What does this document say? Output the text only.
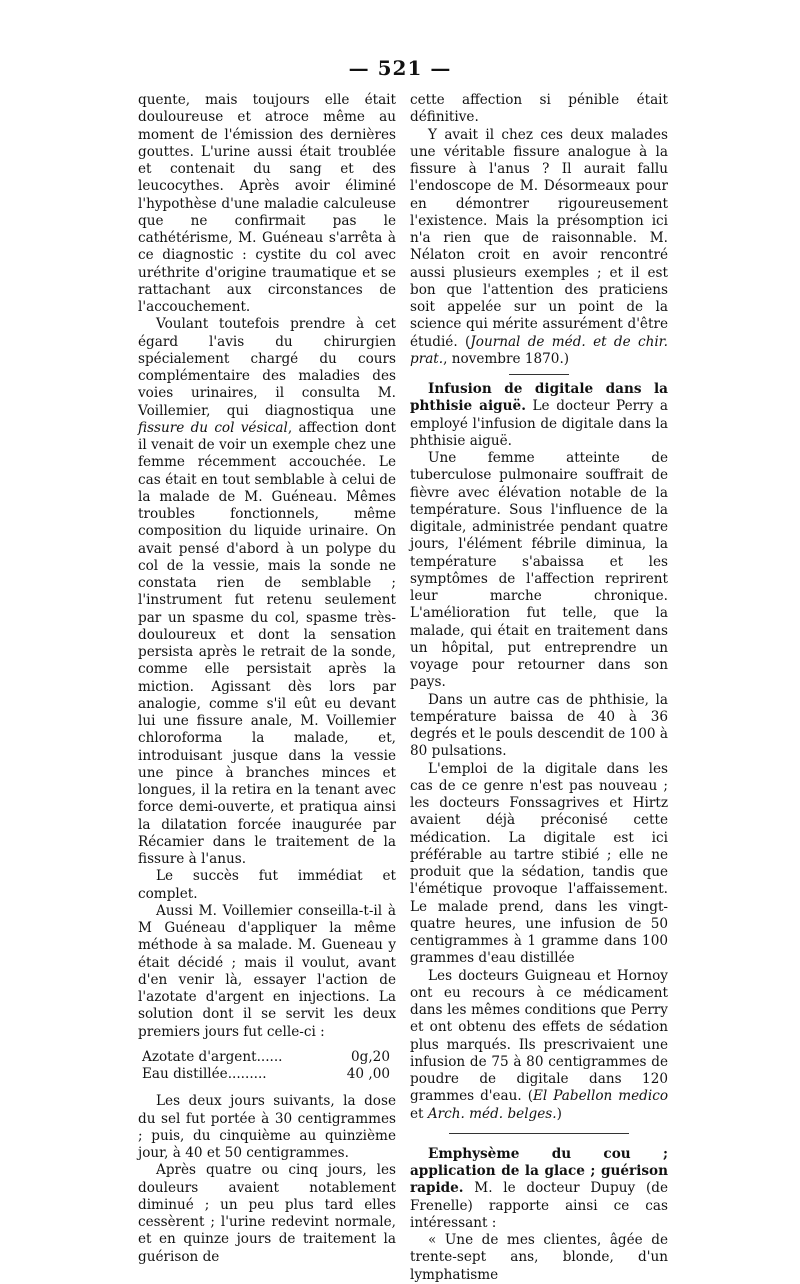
— 521 —

quente, mais toujours elle était douloureuse et atroce même au moment de l'émission des dernières gouttes. L'urine aussi était troublée et contenait du sang et des leucocythes. Après avoir éliminé l'hypothèse d'une maladie calculeuse que ne confirmait pas le cathétérisme, M. Guéneau s'arrêta à ce diagnostic : cystite du col avec uréthrite d'origine traumatique et se rattachant aux circonstances de l'accouchement.

Voulant toutefois prendre à cet égard l'avis du chirurgien spécialement chargé du cours complémentaire des maladies des voies urinaires, il consulta M. Voillemier, qui diagnostiqua une fissure du col vésical, affection dont il venait de voir un exemple chez une femme récemment accouchée. Le cas était en tout semblable à celui de la malade de M. Guéneau. Mêmes troubles fonctionnels, même composition du liquide urinaire. On avait pensé d'abord à un polype du col de la vessie, mais la sonde ne constata rien de semblable ; l'instrument fut retenu seulement par un spasme du col, spasme très-douloureux et dont la sensation persista après le retrait de la sonde, comme elle persistait après la miction. Agissant dès lors par analogie, comme s'il eût eu devant lui une fissure anale, M. Voillemier chloroforma la malade, et, introduisant jusque dans la vessie une pince à branches minces et longues, il la retira en la tenant avec force demi-ouverte, et pratiqua ainsi la dilatation forcée inaugurée par Récamier dans le traitement de la fissure à l'anus.

Le succès fut immédiat et complet.

Aussi M. Voillemier conseilla-t-il à M Guéneau d'appliquer la même méthode à sa malade. M. Gueneau y était décidé ; mais il voulut, avant d'en venir là, essayer l'action de l'azotate d'argent en injections. La solution dont il se servit les deux premiers jours fut celle-ci :

Azotate d'argent......	0g,20
Eau distillée.........	40 ,00

Les deux jours suivants, la dose du sel fut portée à 30 centigrammes ; puis, du cinquième au quinzième jour, à 40 et 50 centigrammes.

Après quatre ou cinq jours, les douleurs avaient notablement diminué ; un peu plus tard elles cessèrent ; l'urine redevint normale, et en quinze jours de traitement la guérison de

cette affection si pénible était définitive.

Y avait il chez ces deux malades une véritable fissure analogue à la fissure à l'anus ? Il aurait fallu l'endoscope de M. Désormeaux pour en démontrer rigoureusement l'existence. Mais la présomption ici n'a rien que de raisonnable. M. Nélaton croit en avoir rencontré aussi plusieurs exemples ; et il est bon que l'attention des praticiens soit appelée sur un point de la science qui mérite assurément d'être étudié. (Journal de méd. et de chir. prat., novembre 1870.)

Infusion de digitale dans la phthisie aiguë. Le docteur Perry a employé l'infusion de digitale dans la phthisie aiguë.

Une femme atteinte de tuberculose pulmonaire souffrait de fièvre avec élévation notable de la température. Sous l'influence de la digitale, administrée pendant quatre jours, l'élément fébrile diminua, la température s'abaissa et les symptômes de l'affection reprirent leur marche chronique. L'amélioration fut telle, que la malade, qui était en traitement dans un hôpital, put entreprendre un voyage pour retourner dans son pays.

Dans un autre cas de phthisie, la température baissa de 40 à 36 degrés et le pouls descendit de 100 à 80 pulsations.

L'emploi de la digitale dans les cas de ce genre n'est pas nouveau ; les docteurs Fonssagrives et Hirtz avaient déjà préconisé cette médication. La digitale est ici préférable au tartre stibié ; elle ne produit que la sédation, tandis que l'émétique provoque l'affaissement. Le malade prend, dans les vingt-quatre heures, une infusion de 50 centigrammes à 1 gramme dans 100 grammes d'eau distillée

Les docteurs Guigneau et Hornoy ont eu recours à ce médicament dans les mêmes conditions que Perry et ont obtenu des effets de sédation plus marqués. Ils prescrivaient une infusion de 75 à 80 centigrammes de poudre de digitale dans 120 grammes d'eau. (El Pabellon medico et Arch. méd. belges.)

Emphysème du cou ; application de la glace ; guérison rapide. M. le docteur Dupuy (de Frenelle) rapporte ainsi ce cas intéressant :

« Une de mes clientes, âgée de trente-sept ans, blonde, d'un lymphatisme
